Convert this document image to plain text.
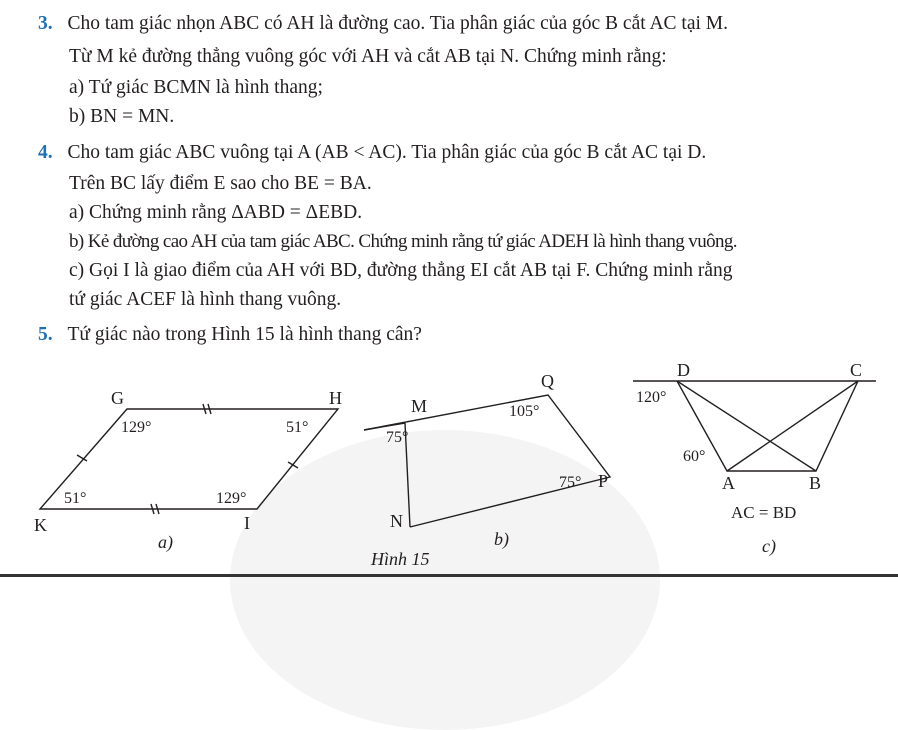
3. Cho tam giác nhọn ABC có AH là đường cao. Tia phân giác của góc B cắt AC tại M.
Từ M kẻ đường thẳng vuông góc với AH và cắt AB tại N. Chứng minh rằng:
a) Tứ giác BCMN là hình thang;
b) BN = MN.
4. Cho tam giác ABC vuông tại A (AB < AC). Tia phân giác của góc B cắt AC tại D.
Trên BC lấy điểm E sao cho BE = BA.
a) Chứng minh rằng ΔABD = ΔEBD.
b) Kẻ đường cao AH của tam giác ABC. Chứng minh rằng tứ giác ADEH là hình thang vuông.
c) Gọi I là giao điểm của AH với BD, đường thẳng EI cắt AB tại F. Chứng minh rằng
tứ giác ACEF là hình thang vuông.
5. Tứ giác nào trong Hình 15 là hình thang cân?
G	H
K	I
129°	51°
51°	129°
a)
M
Q
P
N
75°
105°
75°
b)
Hình 15
D	C
A	B
120°
60°
AC = BD
c)
